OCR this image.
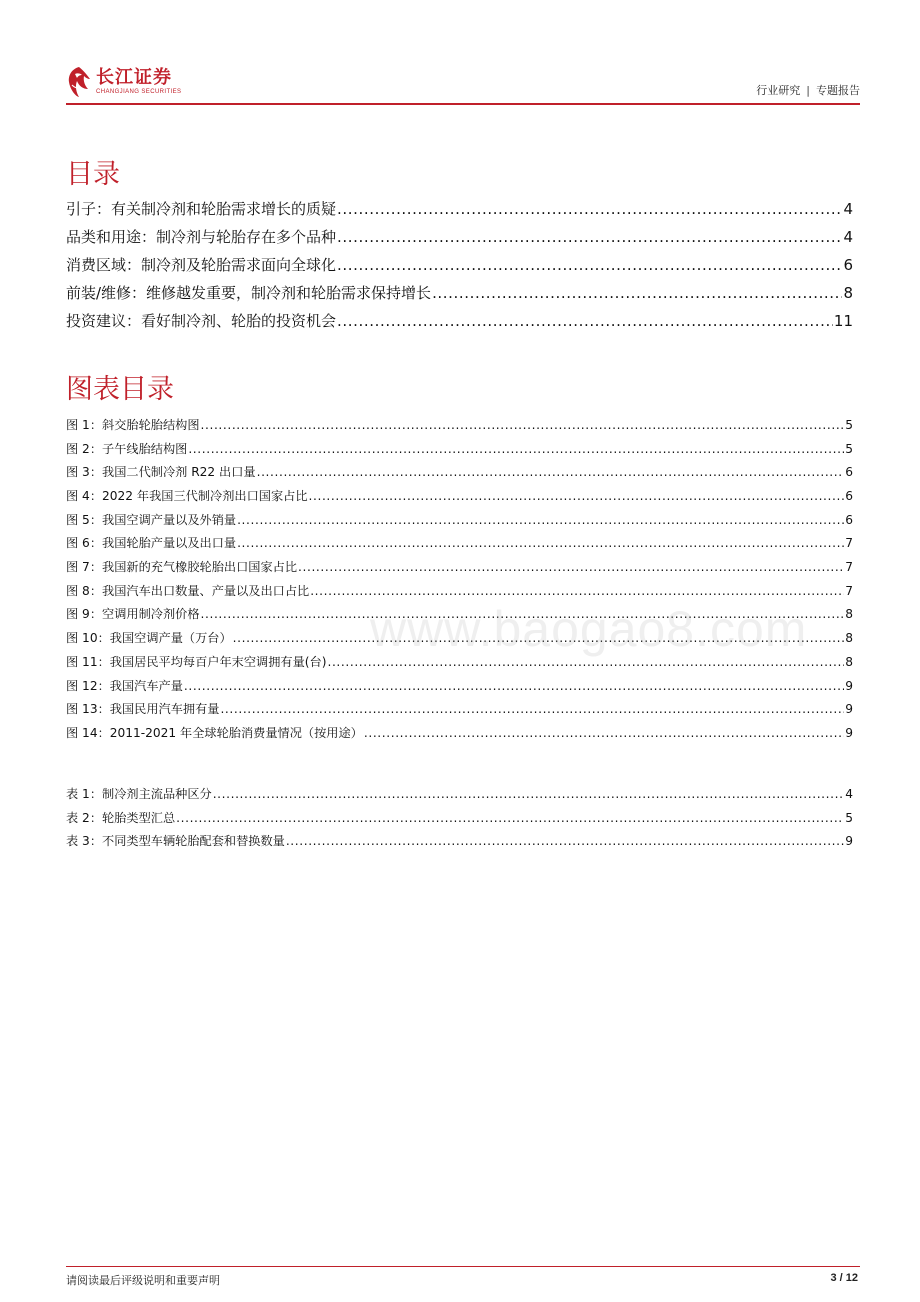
长江证券
CHANGJIANG SECURITIES	行业研究 | 专题报告
目录
引子：有关制冷剂和轮胎需求增长的质疑 .....	4
品类和用途：制冷剂与轮胎存在多个品种 .....	4
消费区域：制冷剂及轮胎需求面向全球化 .....	6
前装/维修：维修越发重要，制冷剂和轮胎需求保持增长 .....	8
投资建议：看好制冷剂、轮胎的投资机会 .....	11
图表目录
图 1：斜交胎轮胎结构图 .....	5
图 2：子午线胎结构图 .....	5
图 3：我国二代制冷剂 R22 出口量 .....	6
图 4：2022 年我国三代制冷剂出口国家占比 .....	6
图 5：我国空调产量以及外销量 .....	6
图 6：我国轮胎产量以及出口量 .....	7
图 7：我国新的充气橡胶轮胎出口国家占比 .....	7
图 8：我国汽车出口数量、产量以及出口占比 .....	7
图 9：空调用制冷剂价格 .....	8
图 10：我国空调产量（万台） .....	8
图 11：我国居民平均每百户年末空调拥有量(台) .....	8
图 12：我国汽车产量 .....	9
图 13：我国民用汽车拥有量 .....	9
图 14：2011-2021 年全球轮胎消费量情况（按用途） .....	9
表 1：制冷剂主流品种区分 .....	4
表 2：轮胎类型汇总 .....	5
表 3：不同类型车辆轮胎配套和替换数量 .....	9
www.baogao8.com
请阅读最后评级说明和重要声明	3 / 12
